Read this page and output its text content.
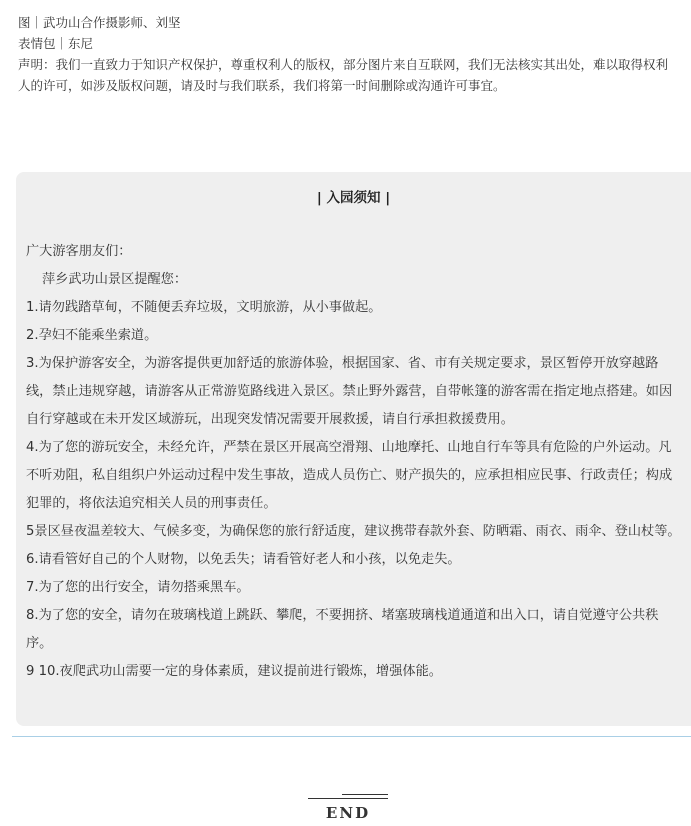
图｜武功山合作摄影师、刘坚
表情包｜东尼
声明：我们一直致力于知识产权保护，尊重权利人的版权，部分图片来自互联网，我们无法核实其出处，难以取得权利人的许可，如涉及版权问题，请及时与我们联系，我们将第一时间删除或沟通许可事宜。
| 入园须知 |

广大游客朋友们：

萍乡武功山景区提醒您：

1.请勿践踏草甸，不随便丢弃垃圾，文明旅游，从小事做起。

2.孕妇不能乘坐索道。

3.为保护游客安全，为游客提供更加舒适的旅游体验，根据国家、省、市有关规定要求，景区暂停开放穿越路线，禁止违规穿越，请游客从正常游览路线进入景区。禁止野外露营，自带帐篷的游客需在指定地点搭建。如因自行穿越或在未开发区域游玩，出现突发情况需要开展救援，请自行承担救援费用。

4.为了您的游玩安全，未经允许，严禁在景区开展高空滑翔、山地摩托、山地自行车等具有危险的户外运动。凡不听劝阻，私自组织户外运动过程中发生事故，造成人员伤亡、财产损失的，应承担相应民事、行政责任；构成犯罪的，将依法追究相关人员的刑事责任。

5景区昼夜温差较大、气候多变，为确保您的旅行舒适度，建议携带春款外套、防晒霜、雨衣、雨伞、登山杖等。

6.请看管好自己的个人财物，以免丢失；请看管好老人和小孩，以免走失。

7.为了您的出行安全，请勿搭乘黑车。

8.为了您的安全，请勿在玻璃栈道上跳跃、攀爬，不要拥挤、堵塞玻璃栈道通道和出入口，请自觉遵守公共秩序。

9 10.夜爬武功山需要一定的身体素质，建议提前进行锻炼，增强体能。

END
